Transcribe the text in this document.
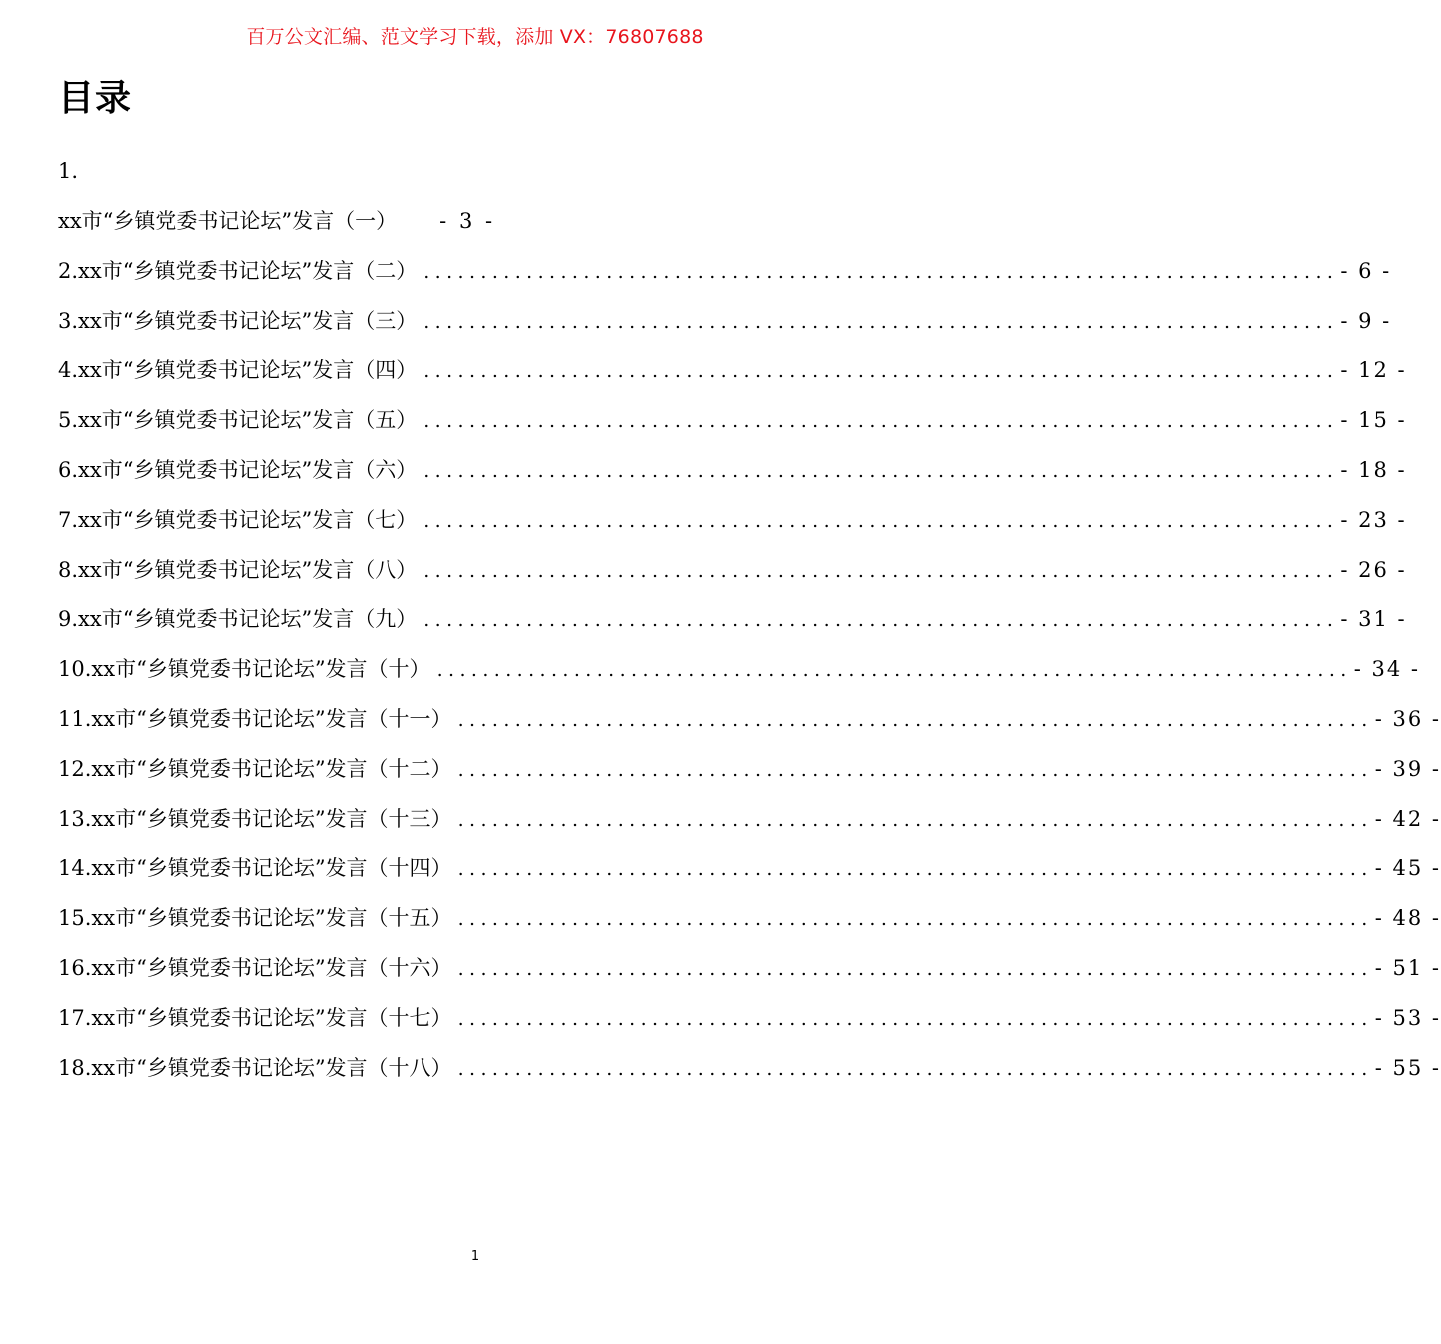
百万公文汇编、范文学习下载，添加 VX：76807688
目录
1.
xx市“乡镇党委书记论坛”发言（一） - 3 -
2.xx市“乡镇党委书记论坛”发言（二） ................................................................................ - 6 -
3.xx市“乡镇党委书记论坛”发言（三） ................................................................................ - 9 -
4.xx市“乡镇党委书记论坛”发言（四） ................................................................................ - 12 -
5.xx市“乡镇党委书记论坛”发言（五） ................................................................................ - 15 -
6.xx市“乡镇党委书记论坛”发言（六） ................................................................................ - 18 -
7.xx市“乡镇党委书记论坛”发言（七） ................................................................................ - 23 -
8.xx市“乡镇党委书记论坛”发言（八） ................................................................................ - 26 -
9.xx市“乡镇党委书记论坛”发言（九） ................................................................................ - 31 -
10.xx市“乡镇党委书记论坛”发言（十） ................................................................................ - 34 -
11.xx市“乡镇党委书记论坛”发言（十一） ................................................................................ - 36 -
12.xx市“乡镇党委书记论坛”发言（十二） ................................................................................ - 39 -
13.xx市“乡镇党委书记论坛”发言（十三） ................................................................................ - 42 -
14.xx市“乡镇党委书记论坛”发言（十四） ................................................................................ - 45 -
15.xx市“乡镇党委书记论坛”发言（十五） ................................................................................ - 48 -
16.xx市“乡镇党委书记论坛”发言（十六） ................................................................................ - 51 -
17.xx市“乡镇党委书记论坛”发言（十七） ................................................................................ - 53 -
18.xx市“乡镇党委书记论坛”发言（十八） ................................................................................ - 55 -
1
